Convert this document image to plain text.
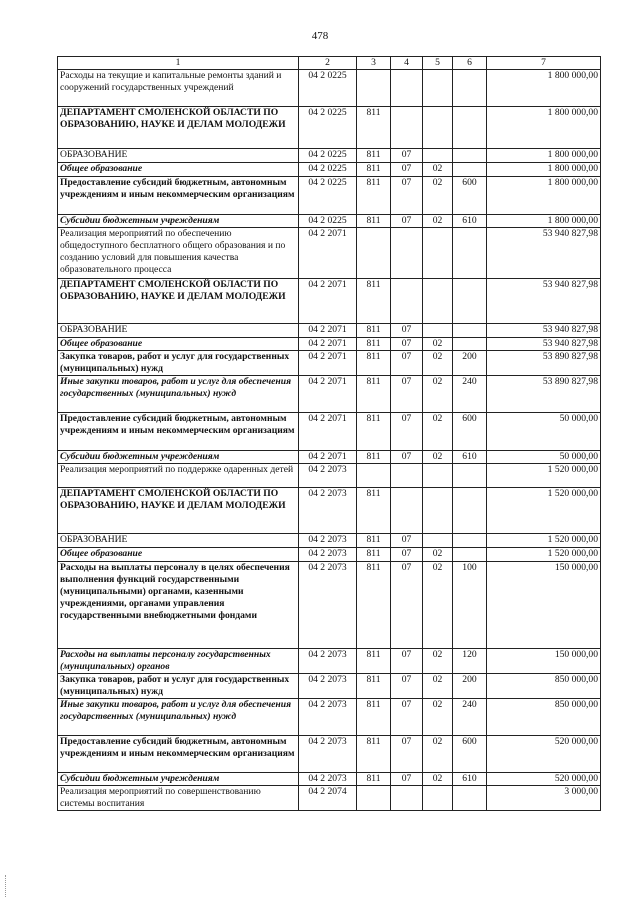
478
1	2	3	4	5	6	7
Расходы на текущие и капитальные ремонты зданий и сооружений государственных учреждений	04 2 0225					1 800 000,00
ДЕПАРТАМЕНТ СМОЛЕНСКОЙ ОБЛАСТИ ПО ОБРАЗОВАНИЮ, НАУКЕ И ДЕЛАМ МОЛОДЕЖИ	04 2 0225	811				1 800 000,00
ОБРАЗОВАНИЕ	04 2 0225	811	07			1 800 000,00
Общее образование	04 2 0225	811	07	02		1 800 000,00
Предоставление субсидий бюджетным, автономным учреждениям и иным некоммерческим организациям	04 2 0225	811	07	02	600	1 800 000,00
Субсидии бюджетным учреждениям	04 2 0225	811	07	02	610	1 800 000,00
Реализация мероприятий по обеспечению общедоступного бесплатного общего образования и по созданию условий для повышения качества образовательного процесса	04 2 2071					53 940 827,98
ДЕПАРТАМЕНТ СМОЛЕНСКОЙ ОБЛАСТИ ПО ОБРАЗОВАНИЮ, НАУКЕ И ДЕЛАМ МОЛОДЕЖИ	04 2 2071	811				53 940 827,98
ОБРАЗОВАНИЕ	04 2 2071	811	07			53 940 827,98
Общее образование	04 2 2071	811	07	02		53 940 827,98
Закупка товаров, работ и услуг для государственных (муниципальных) нужд	04 2 2071	811	07	02	200	53 890 827,98
Иные закупки товаров, работ и услуг для обеспечения государственных (муниципальных) нужд	04 2 2071	811	07	02	240	53 890 827,98
Предоставление субсидий бюджетным, автономным учреждениям и иным некоммерческим организациям	04 2 2071	811	07	02	600	50 000,00
Субсидии бюджетным учреждениям	04 2 2071	811	07	02	610	50 000,00
Реализация мероприятий по поддержке одаренных детей	04 2 2073					1 520 000,00
ДЕПАРТАМЕНТ СМОЛЕНСКОЙ ОБЛАСТИ ПО ОБРАЗОВАНИЮ, НАУКЕ И ДЕЛАМ МОЛОДЕЖИ	04 2 2073	811				1 520 000,00
ОБРАЗОВАНИЕ	04 2 2073	811	07			1 520 000,00
Общее образование	04 2 2073	811	07	02		1 520 000,00
Расходы на выплаты персоналу в целях обеспечения выполнения функций государственными (муниципальными) органами, казенными учреждениями, органами управления государственными внебюджетными фондами	04 2 2073	811	07	02	100	150 000,00
Расходы на выплаты персоналу государственных (муниципальных) органов	04 2 2073	811	07	02	120	150 000,00
Закупка товаров, работ и услуг для государственных (муниципальных) нужд	04 2 2073	811	07	02	200	850 000,00
Иные закупки товаров, работ и услуг для обеспечения государственных (муниципальных) нужд	04 2 2073	811	07	02	240	850 000,00
Предоставление субсидий бюджетным, автономным учреждениям и иным некоммерческим организациям	04 2 2073	811	07	02	600	520 000,00
Субсидии бюджетным учреждениям	04 2 2073	811	07	02	610	520 000,00
Реализация мероприятий по совершенствованию системы воспитания	04 2 2074					3 000,00
